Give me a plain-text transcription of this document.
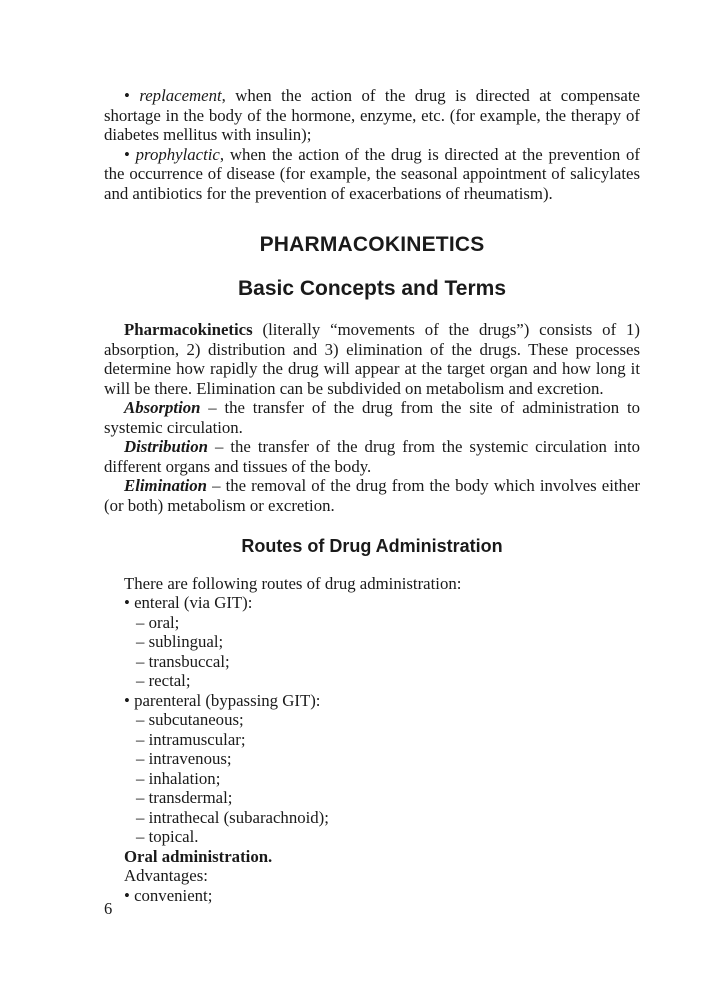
• replacement, when the action of the drug is directed at compensate shortage in the body of the hormone, enzyme, etc. (for example, the therapy of diabetes mellitus with insulin);

• prophylactic, when the action of the drug is directed at the prevention of the occurrence of disease (for example, the seasonal appointment of salicylates and antibiotics for the prevention of exacerbations of rheumatism).

PHARMACOKINETICS
Basic Concepts and Terms

Pharmacokinetics (literally “movements of the drugs”) consists of 1) absorption, 2) distribution and 3) elimination of the drugs. These processes determine how rapidly the drug will appear at the target organ and how long it will be there. Elimination can be subdivided on metabolism and excretion.

Absorption – the transfer of the drug from the site of administration to systemic circulation.

Distribution – the transfer of the drug from the systemic circulation into different organs and tissues of the body.

Elimination – the removal of the drug from the body which involves either (or both) metabolism or excretion.

Routes of Drug Administration
There are following routes of drug administration:
• enteral (via GIT):
– oral;
– sublingual;
– transbuccal;
– rectal;
• parenteral (bypassing GIT):
– subcutaneous;
– intramuscular;
– intravenous;
– inhalation;
– transdermal;
– intrathecal (subarachnoid);
– topical.
Oral administration.
Advantages:
• convenient;
6
